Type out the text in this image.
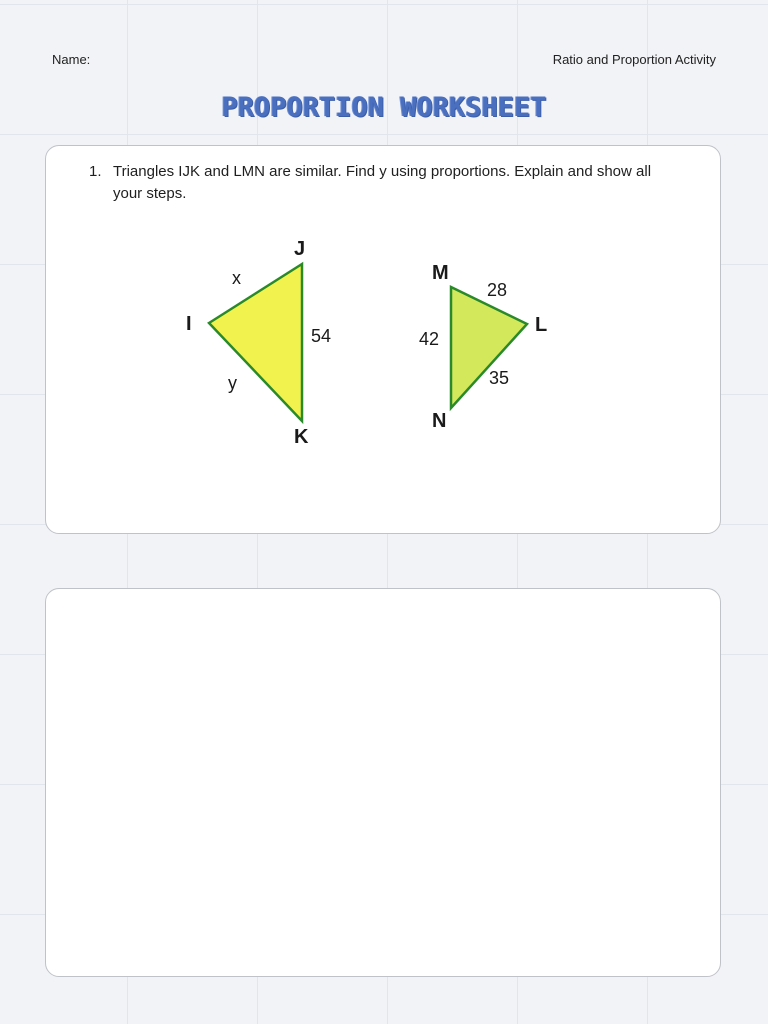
Name:	Ratio and Proportion Activity
PROPORTION WORKSHEET
1. Triangles IJK and LMN are similar. Find y using proportions. Explain and show all your steps.
I
J
K
x
54
y
M
L
N
28
42
35
